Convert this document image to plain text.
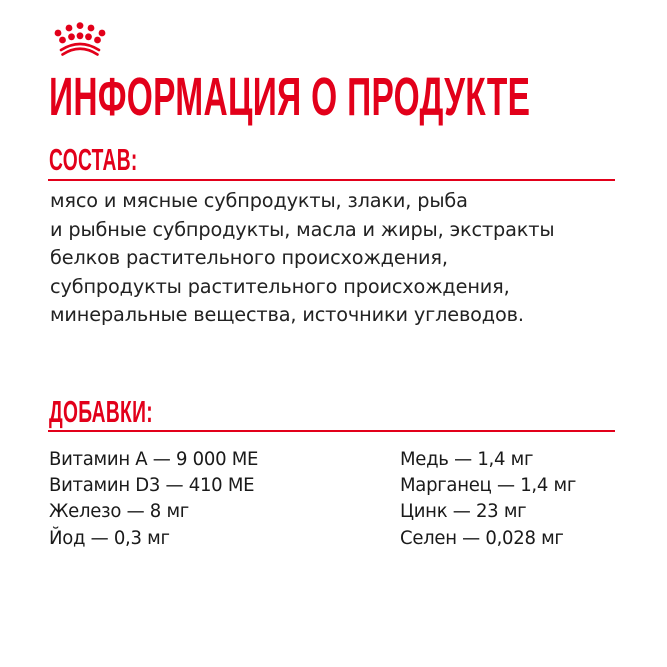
ИНФОРМАЦИЯ О ПРОДУКТЕ
СОСТАВ:

мясо и мясные субпродукты, злаки, рыба
и рыбные субпродукты, масла и жиры, экстракты
белков растительного происхождения,
субпродукты растительного происхождения,
минеральные вещества, источники углеводов.

ДОБАВКИ:
Витамин A — 9 000 МЕ
Витамин D3 — 410 МЕ
Железо — 8 мг
Йод — 0,3 мг
Медь — 1,4 мг
Марганец — 1,4 мг
Цинк — 23 мг
Селен — 0,028 мг
